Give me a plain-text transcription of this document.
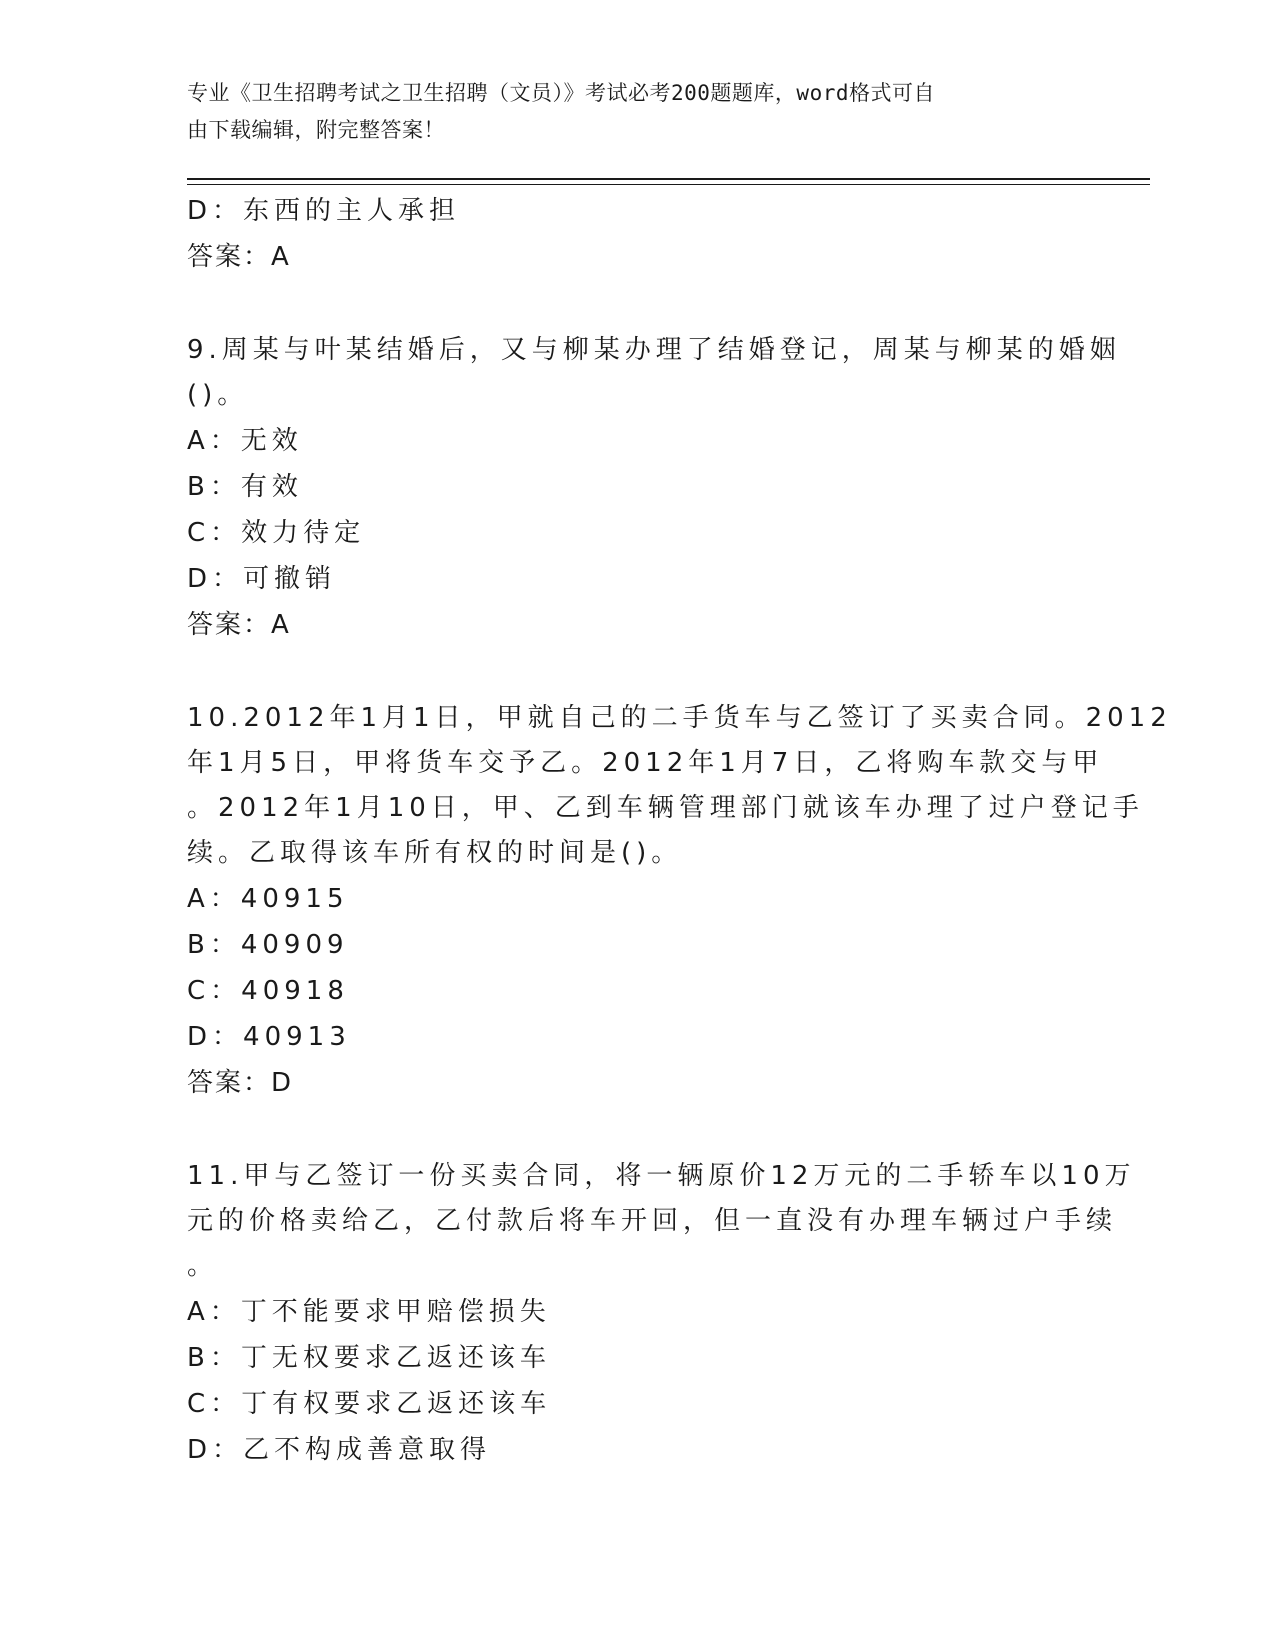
专业《卫生招聘考试之卫生招聘（文员）》考试必考200题题库，word格式可自
由下载编辑，附完整答案！
D：东西的主人承担
答案：A
9.周某与叶某结婚后，又与柳某办理了结婚登记，周某与柳某的婚姻
()。
A：无效
B：有效
C：效力待定
D：可撤销
答案：A
10.2012年1月1日，甲就自己的二手货车与乙签订了买卖合同。2012
年1月5日，甲将货车交予乙。2012年1月7日，乙将购车款交与甲
。2012年1月10日，甲、乙到车辆管理部门就该车办理了过户登记手
续。乙取得该车所有权的时间是()。
A：40915
B：40909
C：40918
D：40913
答案：D
11.甲与乙签订一份买卖合同，将一辆原价12万元的二手轿车以10万
元的价格卖给乙，乙付款后将车开回，但一直没有办理车辆过户手续
。
A：丁不能要求甲赔偿损失
B：丁无权要求乙返还该车
C：丁有权要求乙返还该车
D：乙不构成善意取得
